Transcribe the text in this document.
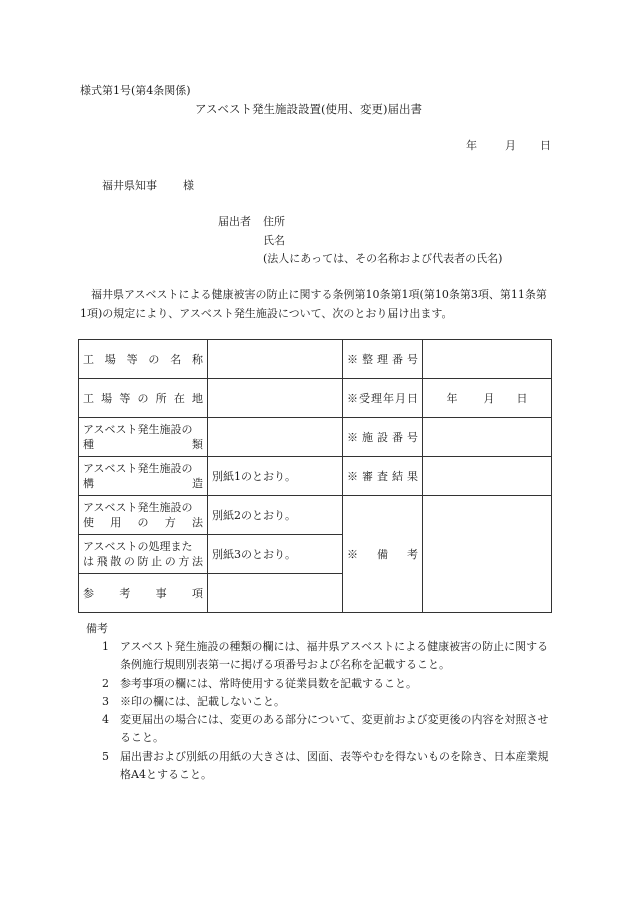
様式第1号(第4条関係)
アスベスト発生施設設置(使用、変更)届出書
年	月 日
福井県知事 様
届出者 住所
氏名
(法人にあっては、その名称および代表者の氏名)
福井県アスベストによる健康被害の防止に関する条例第10条第1項(第10条第3項、第11条第1項)の規定により、アスベスト発生施設について、次のとおり届け出ます。
工場等の名称		※整理番号	

工場等の所在地		※受理年月日	年 月 日

アスベスト発生施設の
種類		※施設番号	

アスベスト発生施設の
構造	別紙1のとおり。	※審査結果	

アスベスト発生施設の
使用の方法	別紙2のとおり。	※備考	

アスベストの処理また
は飛散の防止の方法	別紙3のとおり。		

参考事項			

備考
1	アスベスト発生施設の種類の欄には、福井県アスベストによる健康被害の防止に関する条例施行規則別表第一に掲げる項番号および名称を記載すること。
2	参考事項の欄には、常時使用する従業員数を記載すること。
3	※印の欄には、記載しないこと。
4	変更届出の場合には、変更のある部分について、変更前および変更後の内容を対照させること。
5	届出書および別紙の用紙の大きさは、図面、表等やむを得ないものを除き、日本産業規格A4とすること。
